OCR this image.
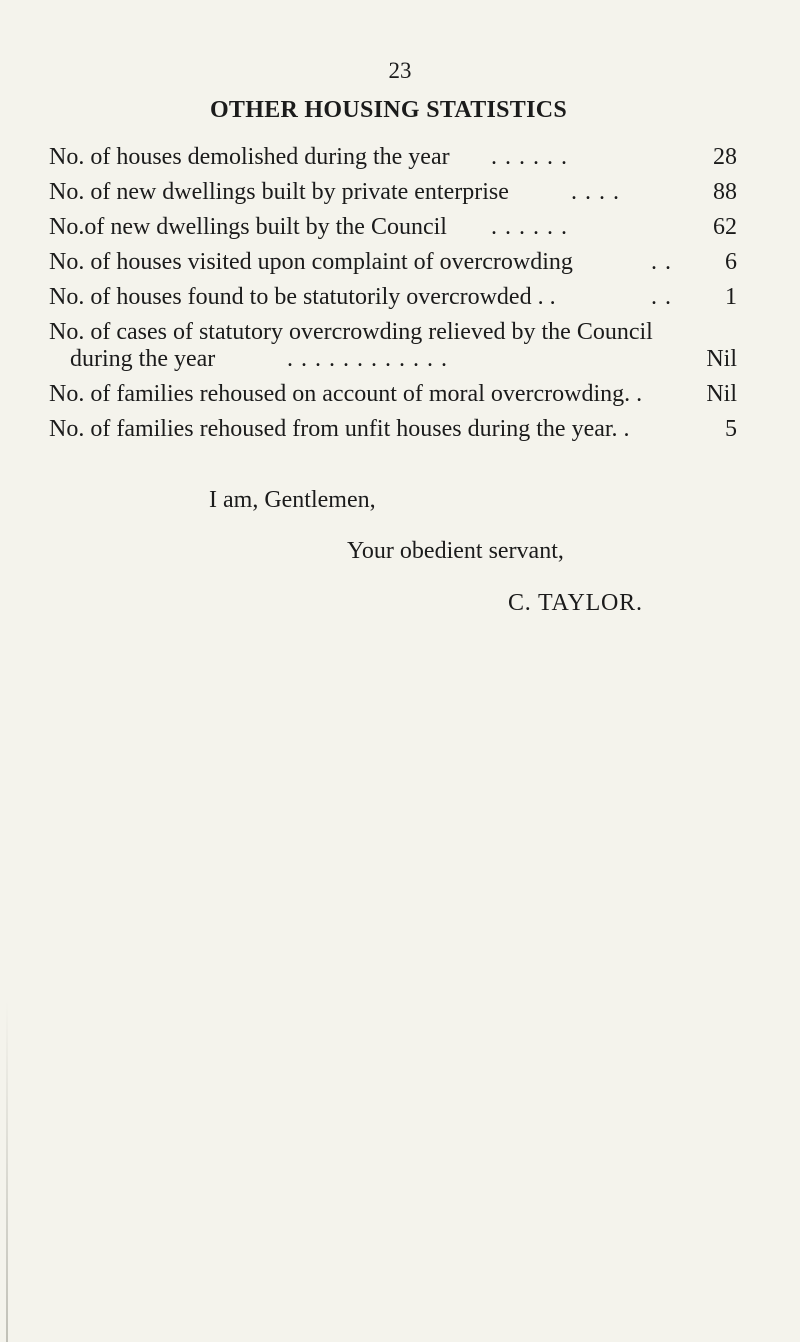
23
OTHER HOUSING STATISTICS
No. of houses demolished during the year . . . . . .	28
No. of new dwellings built by private enterprise	. . . .	88
No.of new dwellings built by the Council . . . . . .	62
No. of houses visited upon complaint of overcrowding	. . 6
No. of houses found to be statutorily overcrowded . .	. . 1
No. of cases of statutory overcrowding relieved by the Council
during the year	. . . . . . . . . . . .	Nil
No. of families rehoused on account of moral overcrowding. .	Nil
No. of families rehoused from unfit houses during the year. .	5
I am, Gentlemen,
Your obedient servant,
C. TAYLOR.
